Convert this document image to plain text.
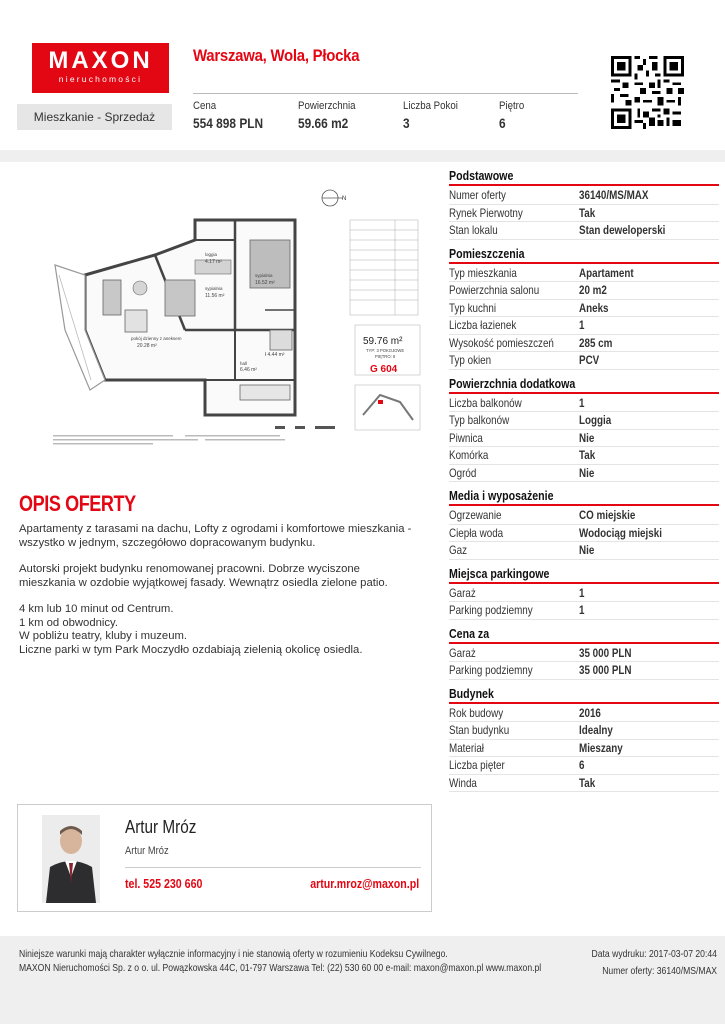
MAXON
nieruchomości
Mieszkanie - Sprzedaż
Warszawa, Wola, Płocka
Cena
554 898 PLN
Powierzchnia
59.66 m2
Liczba Pokoi
3
Piętro
6
N
pokój dzienny z aneksem
20.28 m²
sypialnia
11.56 m²
sypialnia
16.52 m²
loggia
4.17 m²
hall
6.46 m²
ł 4.44 m²
59.76 m²
TYP: 3 POKOJOWE
PIĘTRO: 6
G 604
OPIS OFERTY

Apartamenty z tarasami na dachu, Lofty z ogrodami i komfortowe mieszkania - wszystko w jednym, szczegółowo dopracowanym budynku.

Autorski projekt budynku renomowanej pracowni. Dobrze wyciszone mieszkania w ozdobie wyjątkowej fasady. Wewnątrz osiedla zielone patio.

4 km lub 10 minut od Centrum.
1 km od obwodnicy.
W pobliżu teatry, kluby i muzeum.
Liczne parki w tym Park Moczydło ozdabiają zielenią okolicę osiedla.

Podstawowe
Numer oferty	36140/MS/MAX
Rynek Pierwotny	Tak
Stan lokalu	Stan deweloperski
Pomieszczenia
Typ mieszkania	Apartament
Powierzchnia salonu	20 m2
Typ kuchni	Aneks
Liczba łazienek	1
Wysokość pomieszczeń 285 cm
Typ okien	PCV
Powierzchnia dodatkowa
Liczba balkonów	1
Typ balkonów	Loggia
Piwnica	Nie
Komórka	Tak
Ogród	Nie
Media i wyposażenie
Ogrzewanie	CO miejskie
Ciepła woda	Wodociąg miejski
Gaz	Nie
Miejsca parkingowe
Garaż	1
Parking podziemny	1
Cena za
Garaż	35 000 PLN
Parking podziemny	35 000 PLN
Budynek
Rok budowy	2016
Stan budynku	Idealny
Materiał	Mieszany
Liczba pięter	6
Winda	Tak
Artur Mróz
Artur Mróz
tel. 525 230 660	artur.mroz@maxon.pl
Niniejsze warunki mają charakter wyłącznie informacyjny i nie stanowią oferty w rozumieniu Kodeksu Cywilnego.
MAXON Nieruchomości Sp. z o o. ul. Powązkowska 44C, 01-797 Warszawa Tel: (22) 530 60 00 e-mail: maxon@maxon.pl www.maxon.pl
Data wydruku: 2017-03-07 20:44
Numer oferty: 36140/MS/MAX
